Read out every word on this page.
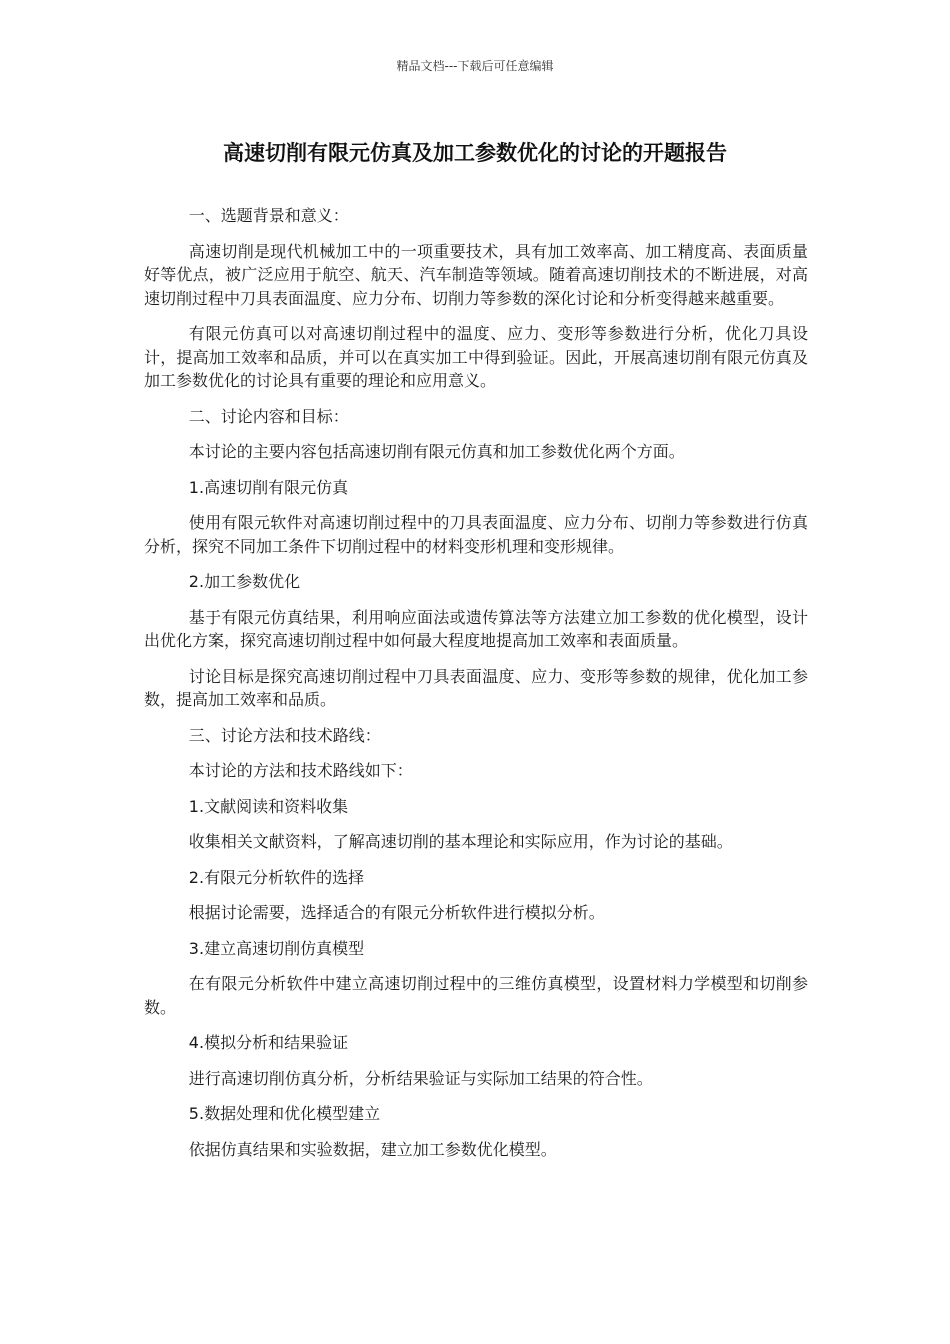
精品文档---下载后可任意编辑
高速切削有限元仿真及加工参数优化的讨论的开题报告

一、选题背景和意义：

高速切削是现代机械加工中的一项重要技术，具有加工效率高、加工精度高、表面质量好等优点，被广泛应用于航空、航天、汽车制造等领域。随着高速切削技术的不断进展，对高速切削过程中刀具表面温度、应力分布、切削力等参数的深化讨论和分析变得越来越重要。

有限元仿真可以对高速切削过程中的温度、应力、变形等参数进行分析，优化刀具设计，提高加工效率和品质，并可以在真实加工中得到验证。因此，开展高速切削有限元仿真及加工参数优化的讨论具有重要的理论和应用意义。

二、讨论内容和目标：

本讨论的主要内容包括高速切削有限元仿真和加工参数优化两个方面。

1.高速切削有限元仿真

使用有限元软件对高速切削过程中的刀具表面温度、应力分布、切削力等参数进行仿真分析，探究不同加工条件下切削过程中的材料变形机理和变形规律。

2.加工参数优化

基于有限元仿真结果，利用响应面法或遗传算法等方法建立加工参数的优化模型，设计出优化方案，探究高速切削过程中如何最大程度地提高加工效率和表面质量。

讨论目标是探究高速切削过程中刀具表面温度、应力、变形等参数的规律，优化加工参数，提高加工效率和品质。

三、讨论方法和技术路线：

本讨论的方法和技术路线如下：

1.文献阅读和资料收集

收集相关文献资料，了解高速切削的基本理论和实际应用，作为讨论的基础。

2.有限元分析软件的选择

根据讨论需要，选择适合的有限元分析软件进行模拟分析。

3.建立高速切削仿真模型

在有限元分析软件中建立高速切削过程中的三维仿真模型，设置材料力学模型和切削参数。

4.模拟分析和结果验证

进行高速切削仿真分析，分析结果验证与实际加工结果的符合性。

5.数据处理和优化模型建立

依据仿真结果和实验数据，建立加工参数优化模型。
